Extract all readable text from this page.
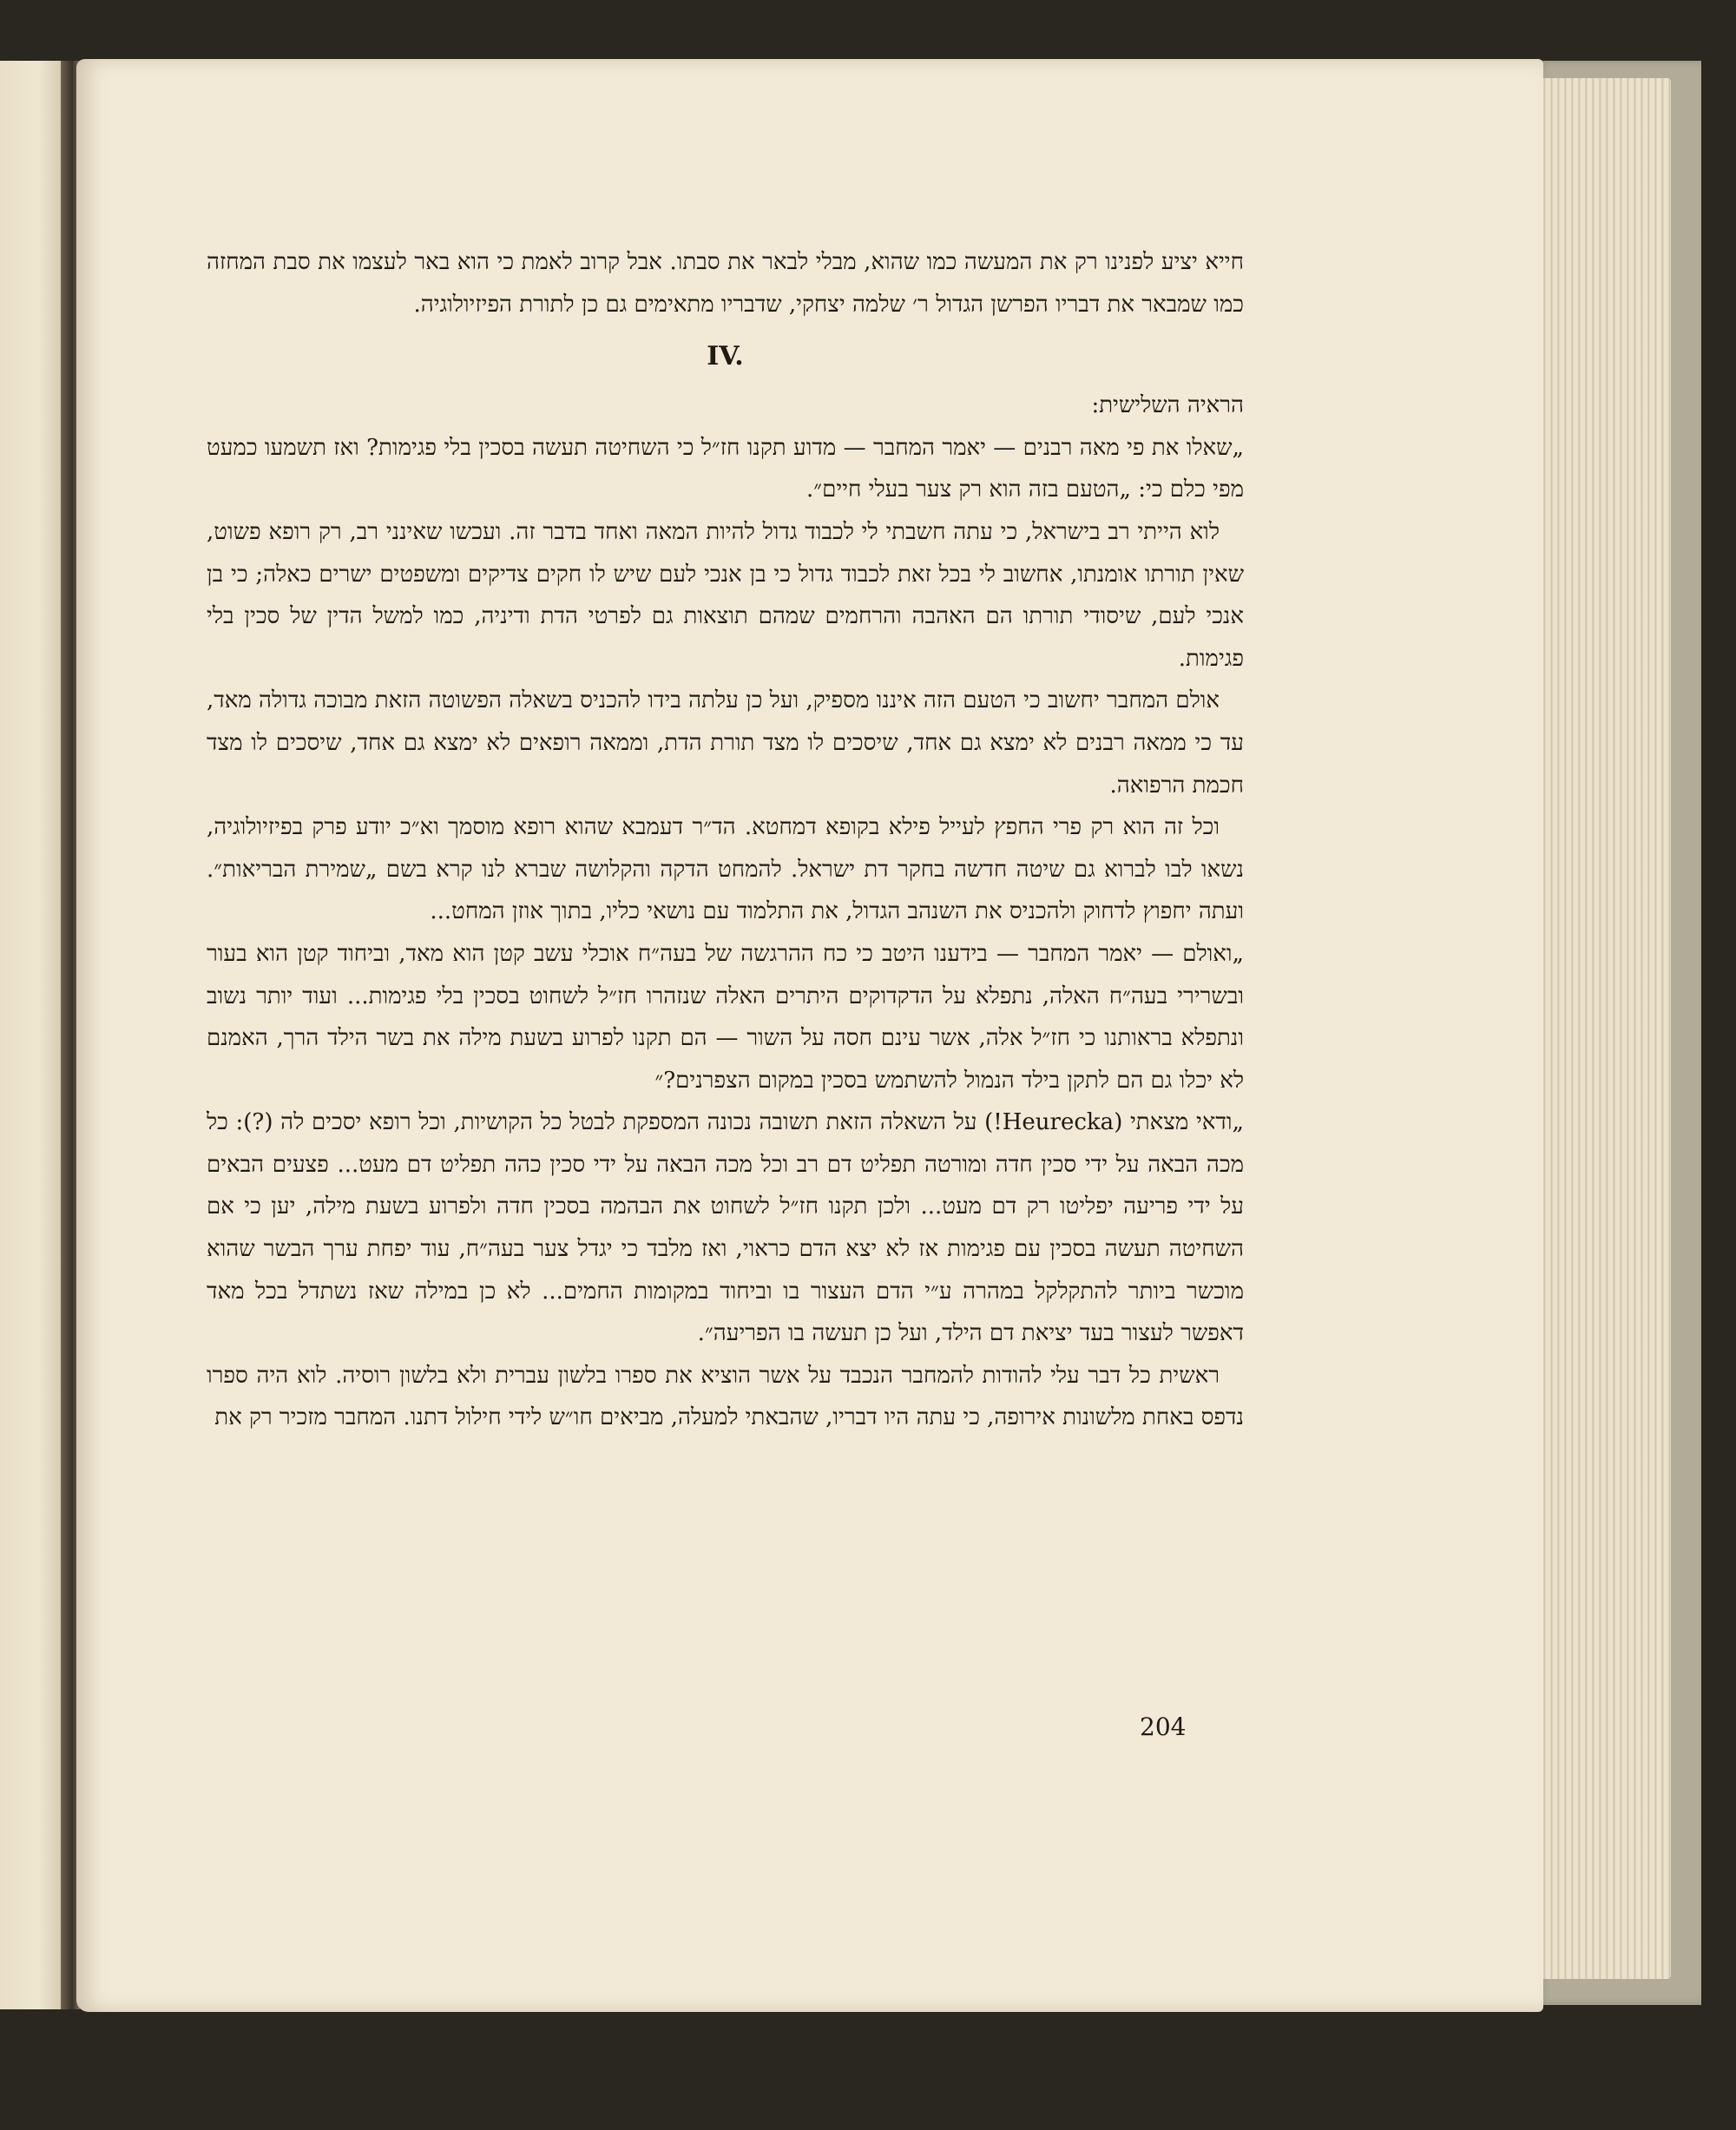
חייא יציע לפנינו רק את המעשה כמו שהוא, מבלי לבאר את סבתו. אבל קרוב לאמת כי הוא באר לעצמו את סבת המחזה כמו שמבאר את דבריו הפרשן הגדול ר׳ שלמה יצחקי, שדבריו מתאימים גם כן לתורת הפיזיולוגיה.

IV.

הראיה השלישית:

„שאלו את פי מאה רבנים — יאמר המחבר — מדוע תקנו חז״ל כי השחיטה תעשה בסכין בלי פגימות? ואז תשמעו כמעט מפי כלם כי: „הטעם בזה הוא רק צער בעלי חיים״.

לוא הייתי רב בישראל, כי עתה חשבתי לי לכבוד גדול להיות המאה ואחד בדבר זה. ועכשו שאינני רב, רק רופא פשוט, שאין תורתו אומנתו, אחשוב לי בכל זאת לכבוד גדול כי בן אנכי לעם שיש לו חקים צדיקים ומשפטים ישרים כאלה; כי בן אנכי לעם, שיסודי תורתו הם האהבה והרחמים שמהם תוצאות גם לפרטי הדת ודיניה, כמו למשל הדין של סכין בלי פגימות.

אולם המחבר יחשוב כי הטעם הזה איננו מספיק, ועל כן עלתה בידו להכניס בשאלה הפשוטה הזאת מבוכה גדולה מאד, עד כי ממאה רבנים לא ימצא גם אחד, שיסכים לו מצד תורת הדת, וממאה רופאים לא ימצא גם אחד, שיסכים לו מצד חכמת הרפואה.

וכל זה הוא רק פרי החפץ לעייל פילא בקופא דמחטא. הד״ר דעמבא שהוא רופא מוסמך וא״כ יודע פרק בפיזיולוגיה, נשאו לבו לברוא גם שיטה חדשה בחקר דת ישראל. להמחט הדקה והקלושה שברא לנו קרא בשם „שמירת הבריאות״. ועתה יחפוץ לדחוק ולהכניס את השנהב הגדול, את התלמוד עם נושאי כליו, בתוך אוזן המחט...

„ואולם — יאמר המחבר — בידענו היטב כי כח ההרגשה של בעה״ח אוכלי עשב קטן הוא מאד, וביחוד קטן הוא בעור ובשרירי בעה״ח האלה, נתפלא על הדקדוקים היתרים האלה שנזהרו חז״ל לשחוט בסכין בלי פגימות... ועוד יותר נשוב ונתפלא בראותנו כי חז״ל אלה, אשר עינם חסה על השור — הם תקנו לפרוע בשעת מילה את בשר הילד הרך, האמנם לא יכלו גם הם לתקן בילד הנמול להשתמש בסכין במקום הצפרנים?״

„ודאי מצאתי (Heurecka!) על השאלה הזאת תשובה נכונה המספקת לבטל כל הקושיות, וכל רופא יסכים לה (?): כל מכה הבאה על ידי סכין חדה ומורטה תפליט דם רב וכל מכה הבאה על ידי סכין כהה תפליט דם מעט... פצעים הבאים על ידי פריעה יפליטו רק דם מעט... ולכן תקנו חז״ל לשחוט את הבהמה בסכין חדה ולפרוע בשעת מילה, יען כי אם השחיטה תעשה בסכין עם פגימות אז לא יצא הדם כראוי, ואז מלבד כי יגדל צער בעה״ח, עוד יפחת ערך הבשר שהוא מוכשר ביותר להתקלקל במהרה ע״י הדם העצור בו וביחוד במקומות החמים... לא כן במילה שאז נשתדל בכל מאד דאפשר לעצור בעד יציאת דם הילד, ועל כן תעשה בו הפריעה״.

ראשית כל דבר עלי להודות להמחבר הנכבד על אשר הוציא את ספרו בלשון עברית ולא בלשון רוסיה. לוא היה ספרו נדפס באחת מלשונות אירופה, כי עתה היו דבריו, שהבאתי למעלה, מביאים חו״ש לידי חילול דתנו. המחבר מזכיר רק את

204
